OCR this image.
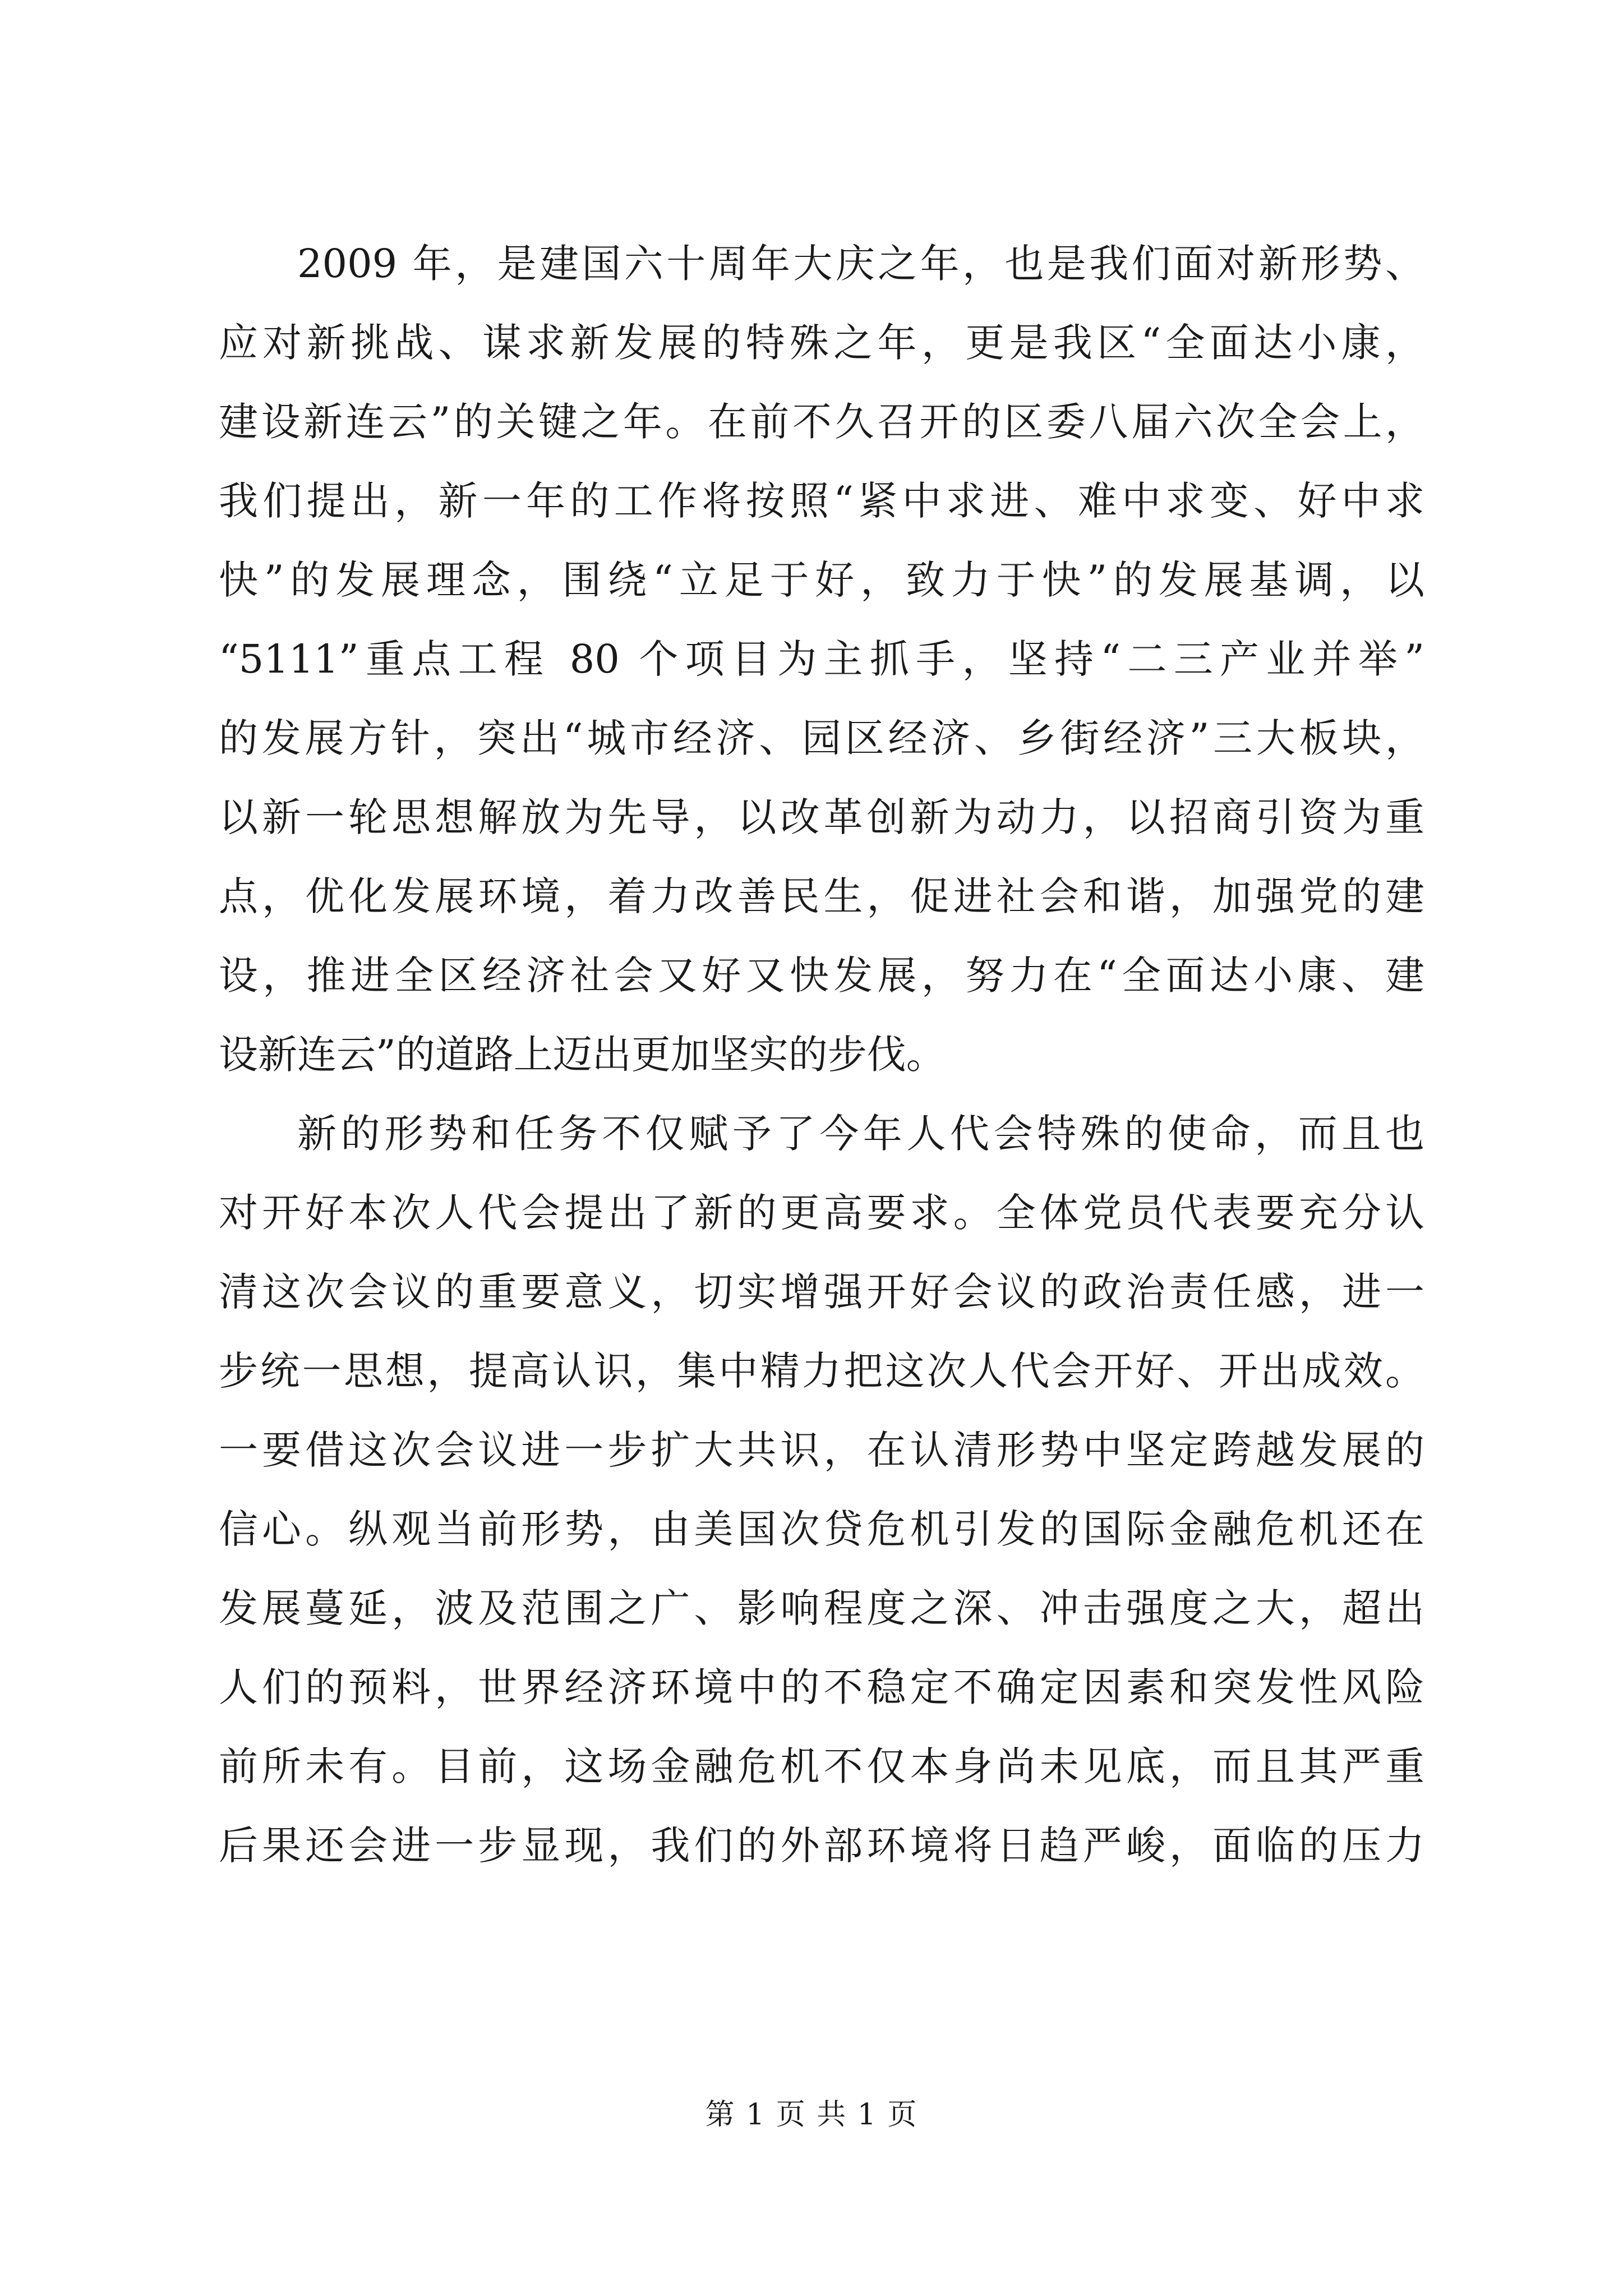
2009 年，是建国六十周年大庆之年，也是我们面对新形势、
应对新挑战、谋求新发展的特殊之年，更是我区“全面达小康，
建设新连云”的关键之年。在前不久召开的区委八届六次全会上，
我们提出，新一年的工作将按照“紧中求进、难中求变、好中求
快”的发展理念，围绕“立足于好，致力于快”的发展基调，以
“5111”重点工程 80 个项目为主抓手，坚持“二三产业并举”
的发展方针，突出“城市经济、园区经济、乡街经济”三大板块，
以新一轮思想解放为先导，以改革创新为动力，以招商引资为重
点，优化发展环境，着力改善民生，促进社会和谐，加强党的建
设，推进全区经济社会又好又快发展，努力在“全面达小康、建
设新连云”的道路上迈出更加坚实的步伐。
新的形势和任务不仅赋予了今年人代会特殊的使命，而且也
对开好本次人代会提出了新的更高要求。全体党员代表要充分认
清这次会议的重要意义，切实增强开好会议的政治责任感，进一
步统一思想，提高认识，集中精力把这次人代会开好、开出成效。
一要借这次会议进一步扩大共识，在认清形势中坚定跨越发展的
信心。纵观当前形势，由美国次贷危机引发的国际金融危机还在
发展蔓延，波及范围之广、影响程度之深、冲击强度之大，超出
人们的预料，世界经济环境中的不稳定不确定因素和突发性风险
前所未有。目前，这场金融危机不仅本身尚未见底，而且其严重
后果还会进一步显现，我们的外部环境将日趋严峻，面临的压力
第 1 页 共 1 页
